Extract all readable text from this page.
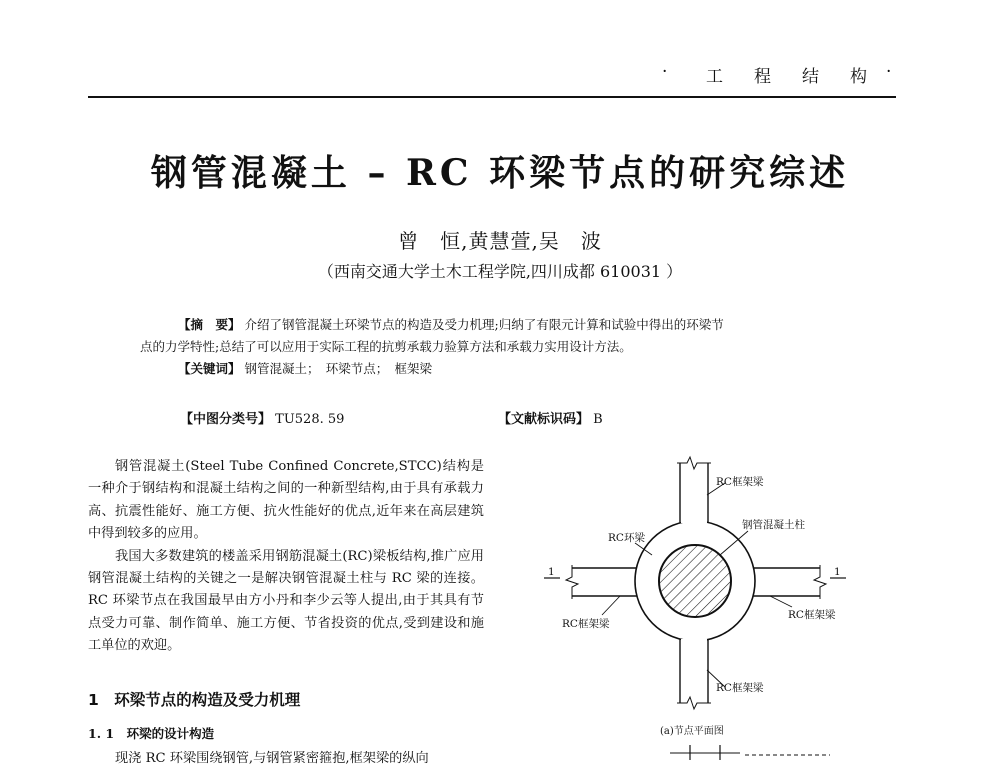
· 工 程 结 构 ·
钢管混凝土 – RC 环梁节点的研究综述
曾　恒,黄慧萱,吴　波
（西南交通大学土木工程学院,四川成都 610031 ）

【摘　要】 介绍了钢管混凝土环梁节点的构造及受力机理;归纳了有限元计算和试验中得出的环梁节

点的力学特性;总结了可以应用于实际工程的抗剪承载力验算方法和承载力实用设计方法。

【关键词】 钢管混凝土；　环梁节点；　框架梁

【中图分类号】 TU528. 59	【文献标识码】 B

钢管混凝土(Steel Tube Confined Concrete,STCC)结构是一种介于钢结构和混凝土结构之间的一种新型结构,由于具有承载力高、抗震性能好、施工方便、抗火性能好的优点,近年来在高层建筑中得到较多的应用。

我国大多数建筑的楼盖采用钢筋混凝土(RC)梁板结构,推广应用钢管混凝土结构的关键之一是解决钢管混凝土柱与 RC 梁的连接。RC 环梁节点在我国最早由方小丹和李少云等人提出,由于其具有节点受力可靠、制作简单、施工方便、节省投资的优点,受到建设和施工单位的欢迎。

1　环梁节点的构造及受力机理
1. 1　环梁的设计构造
现浇 RC 环梁围绕钢管,与钢管紧密箍抱,框架梁的纵向
1	1
RC框架梁
钢管混凝土柱
RC环梁
RC框架梁
RC框架梁
RC框架梁
(a)节点平面图
